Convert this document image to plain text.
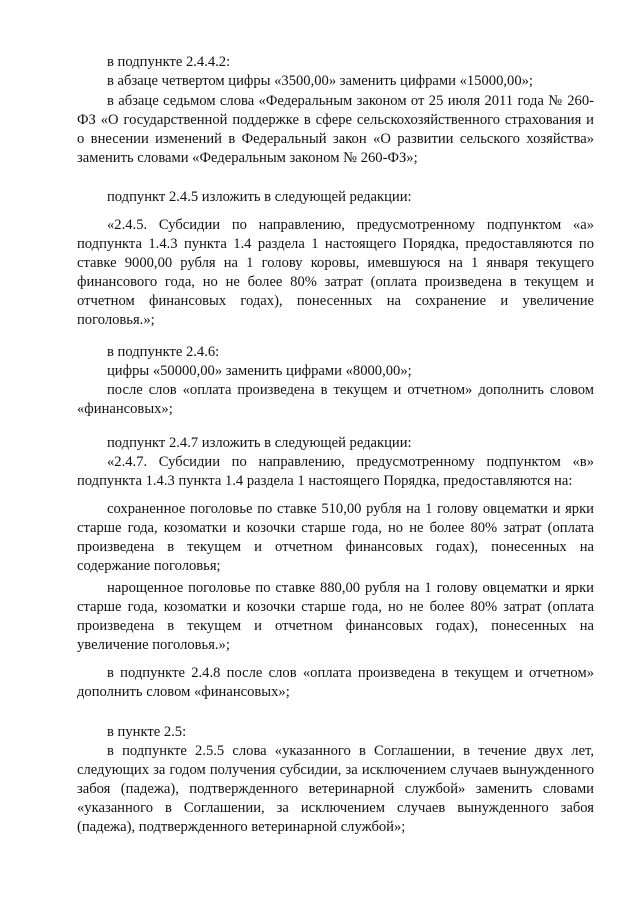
в подпункте 2.4.4.2:

в абзаце четвертом цифры «3500,00» заменить цифрами «15000,00»;

в абзаце седьмом слова «Федеральным законом от 25 июля 2011 года № 260-ФЗ «О государственной поддержке в сфере сельскохозяйственного страхования и о внесении изменений в Федеральный закон «О развитии сельского хозяйства» заменить словами «Федеральным законом № 260-ФЗ»;

подпункт 2.4.5 изложить в следующей редакции:

«2.4.5. Субсидии по направлению, предусмотренному подпунктом «а» подпункта 1.4.3 пункта 1.4 раздела 1 настоящего Порядка, предоставляются по ставке 9000,00 рубля на 1 голову коровы, имевшуюся на 1 января текущего финансового года, но не более 80% затрат (оплата произведена в текущем и отчетном финансовых годах), понесенных на сохранение и увеличение поголовья.»;

в подпункте 2.4.6:

цифры «50000,00» заменить цифрами «8000,00»;

после слов «оплата произведена в текущем и отчетном» дополнить словом «финансовых»;

подпункт 2.4.7 изложить в следующей редакции:

«2.4.7. Субсидии по направлению, предусмотренному подпунктом «в» подпункта 1.4.3 пункта 1.4 раздела 1 настоящего Порядка, предоставляются на:

сохраненное поголовье по ставке 510,00 рубля на 1 голову овцематки и ярки старше года, козоматки и козочки старше года, но не более 80% затрат (оплата произведена в текущем и отчетном финансовых годах), понесенных на содержание поголовья;

нарощенное поголовье по ставке 880,00 рубля на 1 голову овцематки и ярки старше года, козоматки и козочки старше года, но не более 80% затрат (оплата произведена в текущем и отчетном финансовых годах), понесенных на увеличение поголовья.»;

в подпункте 2.4.8 после слов «оплата произведена в текущем и отчетном» дополнить словом «финансовых»;

в пункте 2.5:

в подпункте 2.5.5 слова «указанного в Соглашении, в течение двух лет, следующих за годом получения субсидии, за исключением случаев вынужденного забоя (падежа), подтвержденного ветеринарной службой» заменить словами «указанного в Соглашении, за исключением случаев вынужденного забоя (падежа), подтвержденного ветеринарной службой»;
